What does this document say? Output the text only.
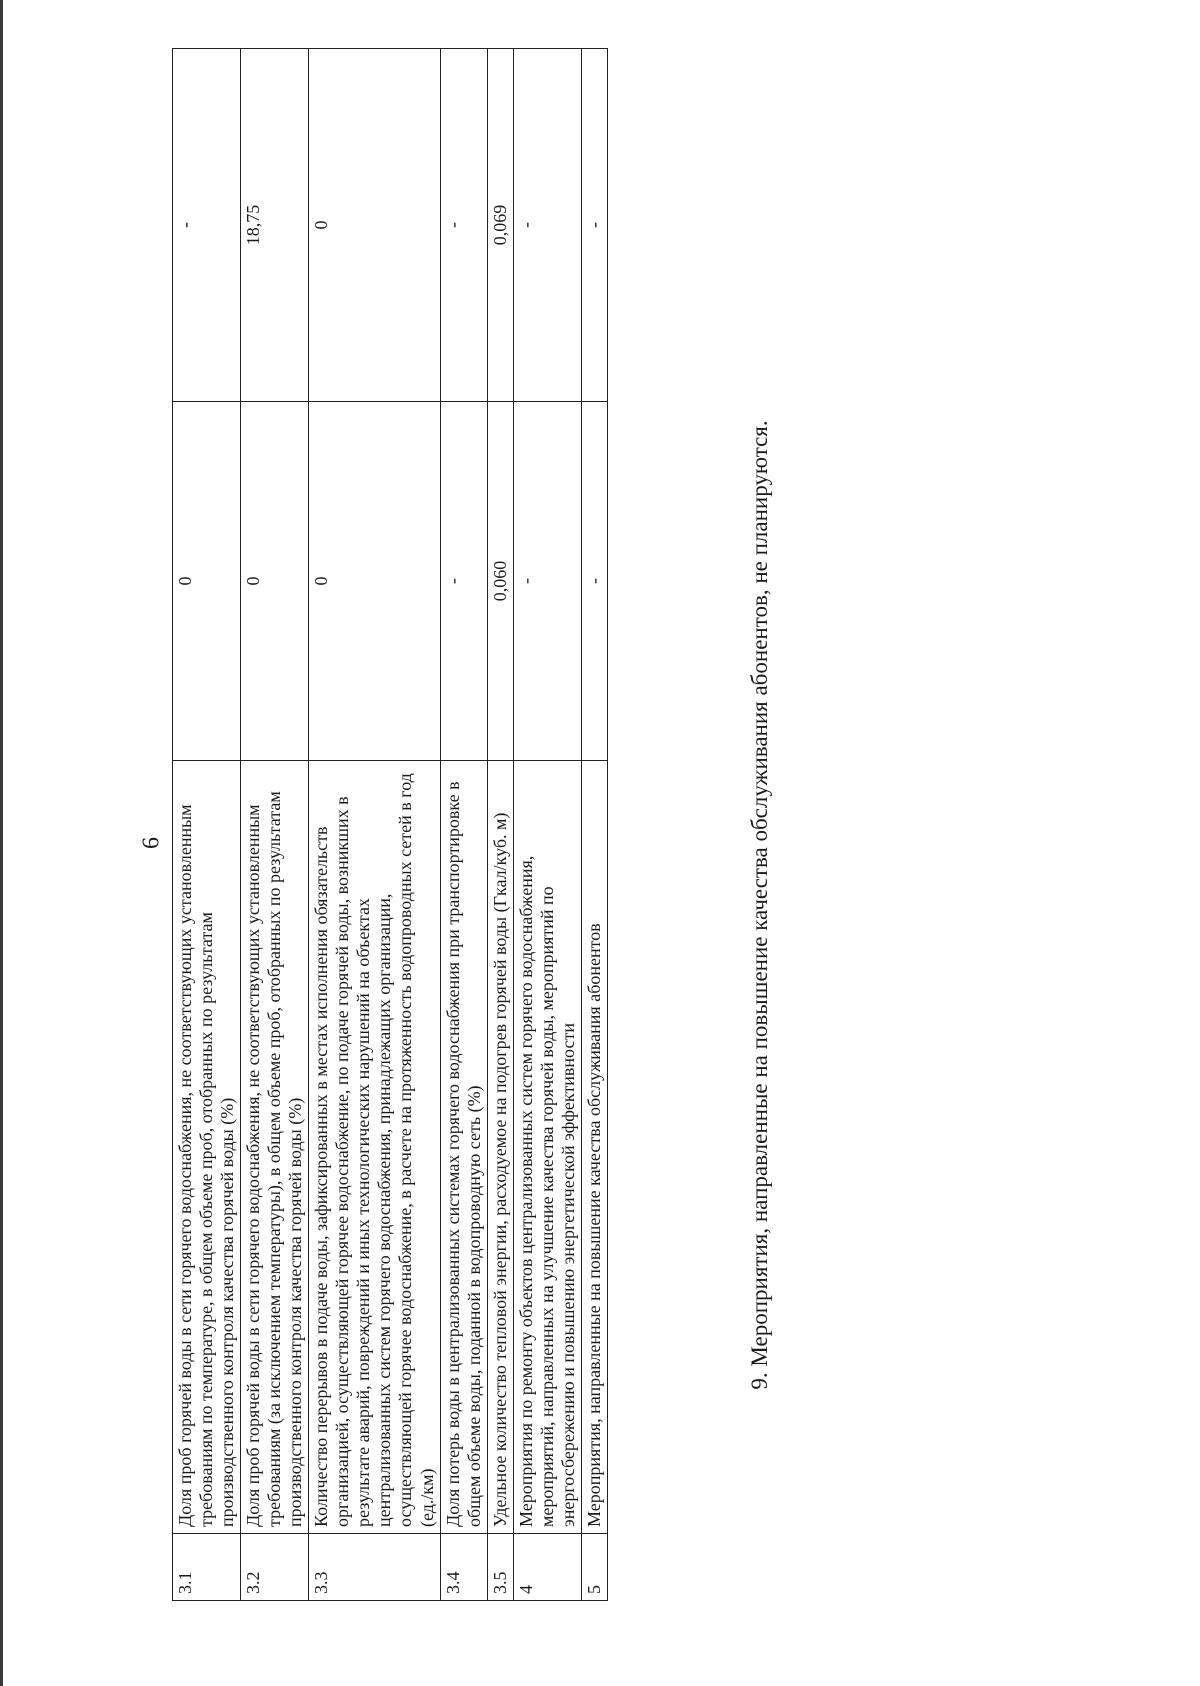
6
3.1	Доля проб горячей воды в сети горячего водоснабжения, не соответствующих установленным требованиям по температуре, в общем объеме проб, отобранных по результатам производственного контроля качества горячей воды (%)	0	-
3.2	Доля проб горячей воды в сети горячего водоснабжения, не соответствующих установленным требованиям (за исключением температуры), в общем объеме проб, отобранных по результатам производственного контроля качества горячей воды (%)	0	18,75
3.3	Количество перерывов в подаче воды, зафиксированных в местах исполнения обязательств организацией, осуществляющей горячее водоснабжение, по подаче горячей воды, возникших в результате аварий, повреждений и иных технологических нарушений на объектах централизованных систем горячего водоснабжения, принадлежащих организации, осуществляющей горячее водоснабжение, в расчете на протяженность водопроводных сетей в год (ед./км)	0	0
3.4	Доля потерь воды в централизованных системах горячего водоснабжения при транспортировке в общем объеме воды, поданной в водопроводную сеть (%)	-	-
3.5	Удельное количество тепловой энергии, расходуемое на подогрев горячей воды (Гкал/куб. м)	0,060	0,069
4	Мероприятия по ремонту объектов централизованных систем горячего водоснабжения, мероприятий, направленных на улучшение качества горячей воды, мероприятий по энергосбережению и повышению энергетической эффективности	-	-
5	Мероприятия, направленные на повышение качества обслуживания абонентов	-	-
9. Мероприятия, направленные на повышение качества обслуживания абонентов, не планируются.
